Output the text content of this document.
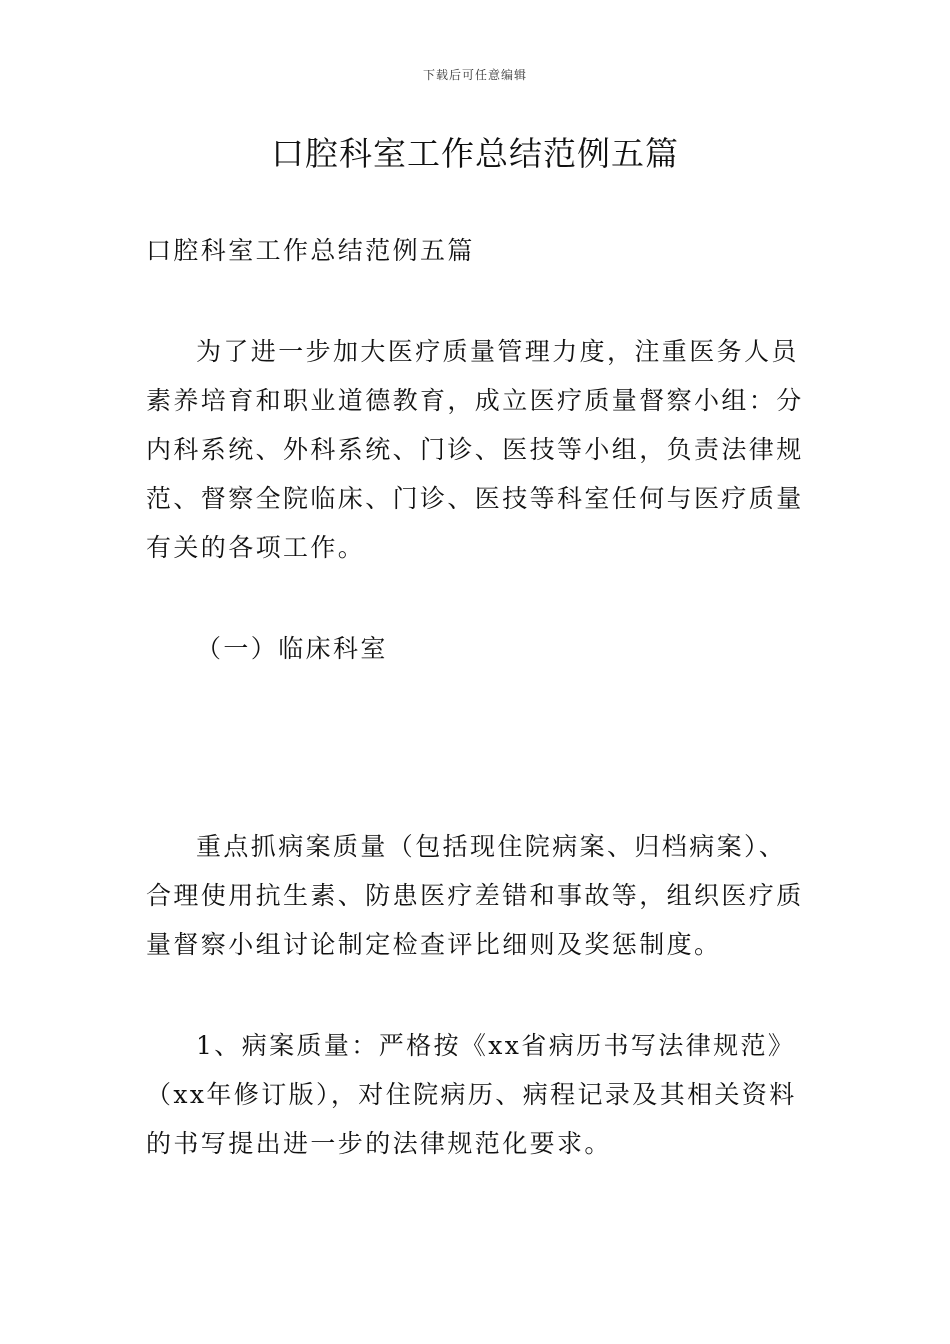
下载后可任意编辑
口腔科室工作总结范例五篇
口腔科室工作总结范例五篇

为了进一步加大医疗质量管理力度，注重医务人员素养培育和职业道德教育，成立医疗质量督察小组：分内科系统、外科系统、门诊、医技等小组，负责法律规范、督察全院临床、门诊、医技等科室任何与医疗质量有关的各项工作。

（一）临床科室

重点抓病案质量（包括现住院病案、归档病案）、合理使用抗生素、防患医疗差错和事故等，组织医疗质量督察小组讨论制定检查评比细则及奖惩制度。

1、病案质量：严格按《xx省病历书写法律规范》（xx年修订版），对住院病历、病程记录及其相关资料的书写提出进一步的法律规范化要求。
